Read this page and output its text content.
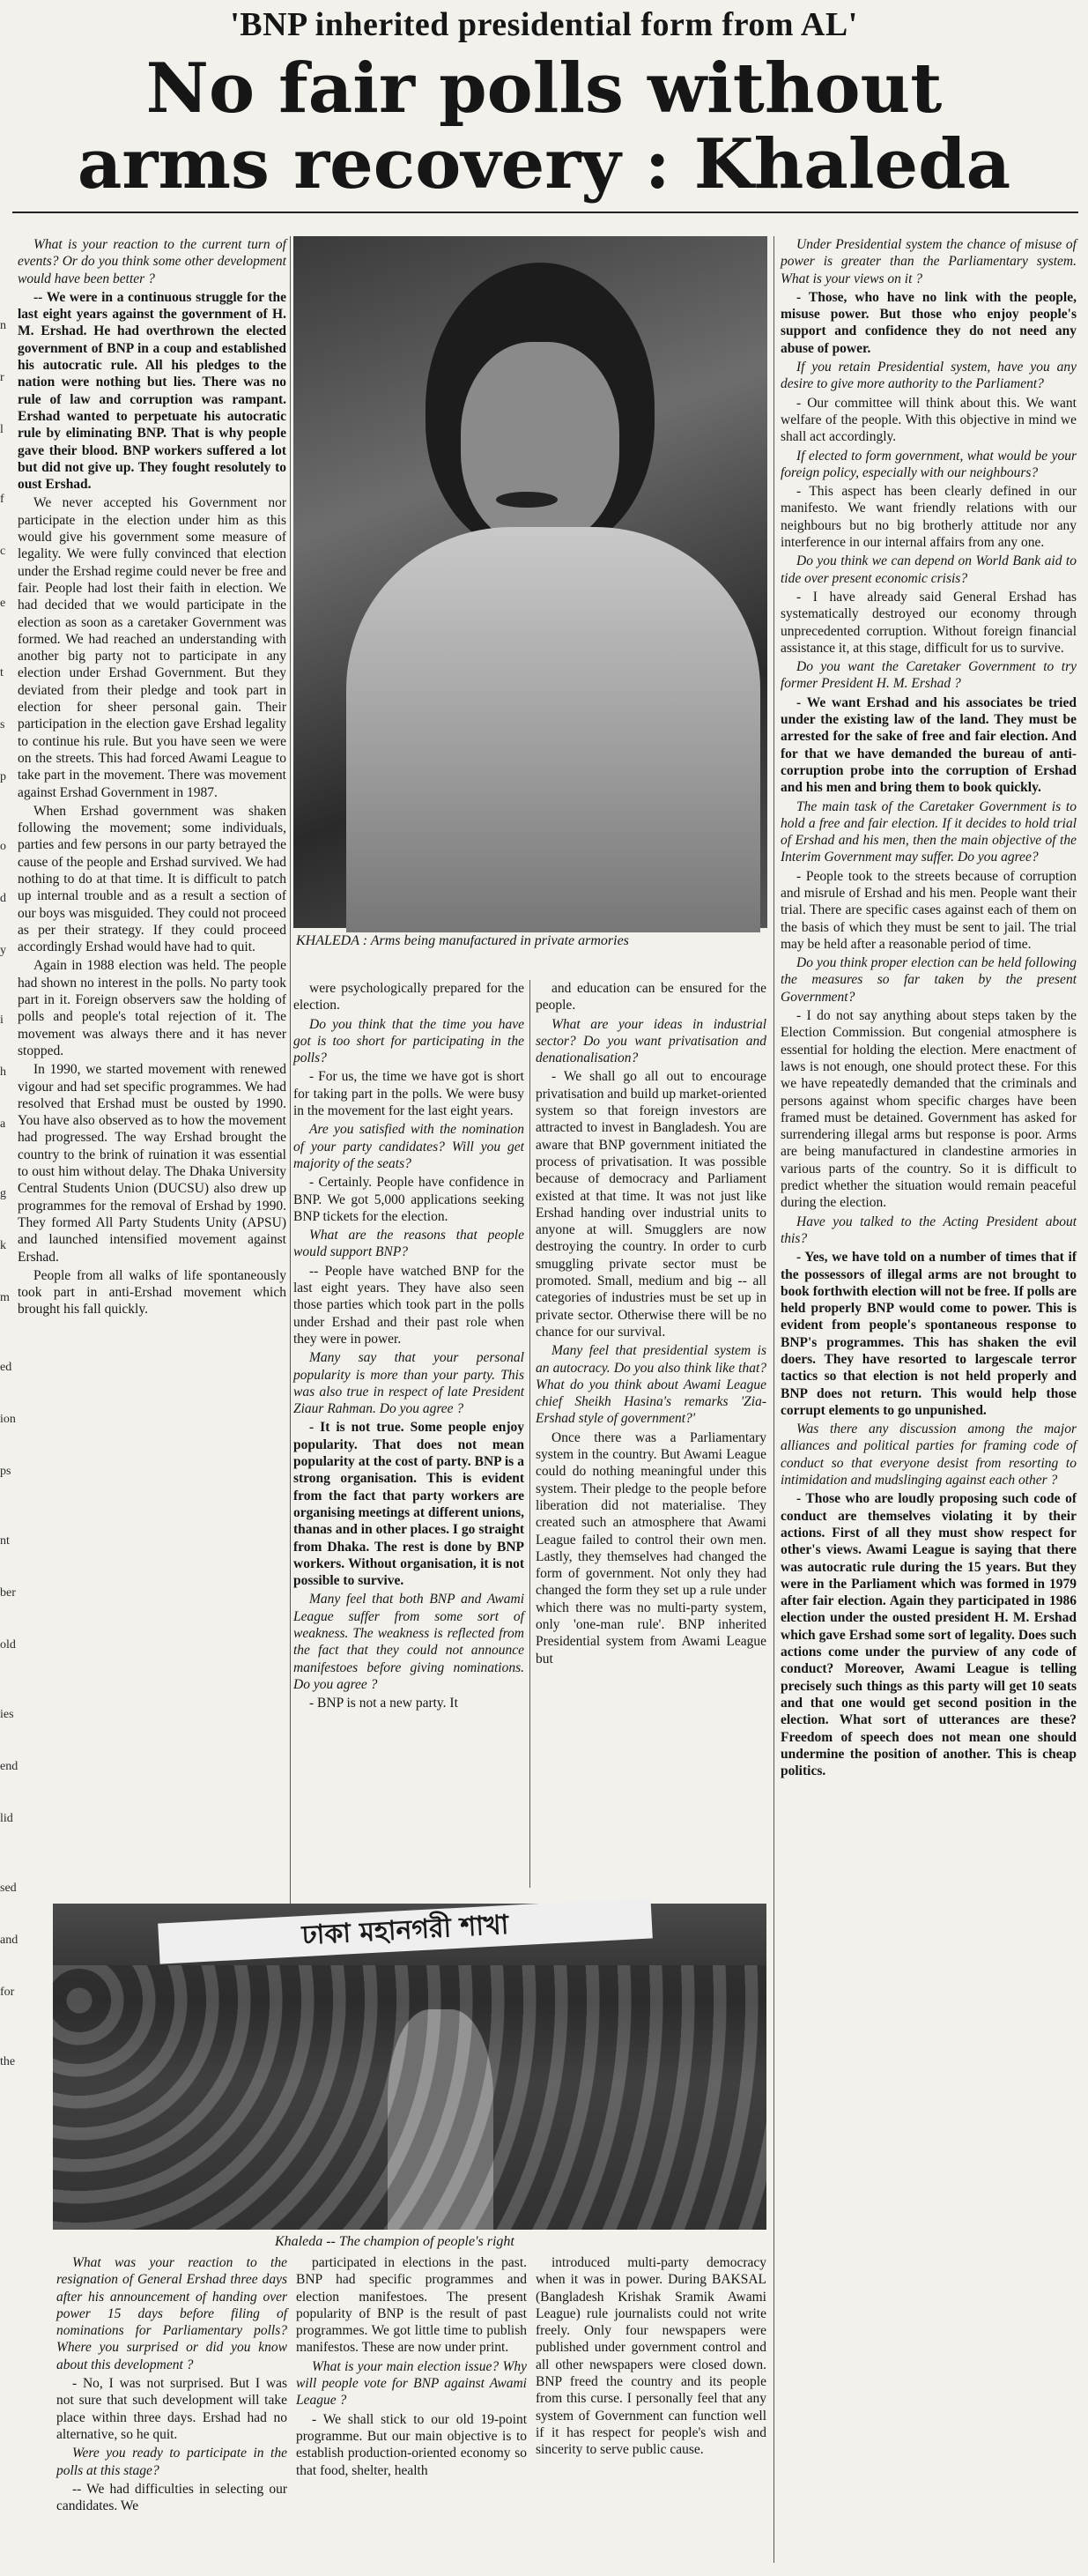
'BNP inherited presidential form from AL'
No fair polls without
arms recovery : Khaleda
n
r
l
f
c
e
t
s
p
o
d
y
i
h
a
g
k
m
ed
ion
ps
nt
ber
old
ies
end
lid
sed
and
for
the

What is your reaction to the current turn of events? Or do you think some other development would have been better ?

-- We were in a continuous struggle for the last eight years against the government of H. M. Ershad. He had overthrown the elected government of BNP in a coup and established his autocratic rule. All his pledges to the nation were nothing but lies. There was no rule of law and corruption was rampant. Ershad wanted to perpetuate his autocratic rule by eliminating BNP. That is why people gave their blood. BNP workers suffered a lot but did not give up. They fought resolutely to oust Ershad.

We never accepted his Government nor participate in the election under him as this would give his government some measure of legality. We were fully convinced that election under the Ershad regime could never be free and fair. People had lost their faith in election. We had decided that we would participate in the election as soon as a caretaker Government was formed. We had reached an understanding with another big party not to participate in any election under Ershad Government. But they deviated from their pledge and took part in election for sheer personal gain. Their participation in the election gave Ershad legality to continue his rule. But you have seen we were on the streets. This had forced Awami League to take part in the movement. There was movement against Ershad Government in 1987.

When Ershad government was shaken following the movement; some individuals, parties and few persons in our party betrayed the cause of the people and Ershad survived. We had nothing to do at that time. It is difficult to patch up internal trouble and as a result a section of our boys was misguided. They could not proceed as per their strategy. If they could proceed accordingly Ershad would have had to quit.

Again in 1988 election was held. The people had shown no interest in the polls. No party took part in it. Foreign observers saw the holding of polls and people's total rejection of it. The movement was always there and it has never stopped.

In 1990, we started movement with renewed vigour and had set specific programmes. We had resolved that Ershad must be ousted by 1990. You have also observed as to how the movement had progressed. The way Ershad brought the country to the brink of ruination it was essential to oust him without delay. The Dhaka University Central Students Union (DUCSU) also drew up programmes for the removal of Ershad by 1990. They formed All Party Students Unity (APSU) and launched intensified movement against Ershad.

People from all walks of life spontaneously took part in anti-Ershad movement which brought his fall quickly.

KHALEDA : Arms being manufactured in private armories

were psychologically prepared for the election.

Do you think that the time you have got is too short for participating in the polls?

- For us, the time we have got is short for taking part in the polls. We were busy in the movement for the last eight years.

Are you satisfied with the nomination of your party candidates? Will you get majority of the seats?

- Certainly. People have confidence in BNP. We got 5,000 applications seeking BNP tickets for the election.

What are the reasons that people would support BNP?

-- People have watched BNP for the last eight years. They have also seen those parties which took part in the polls under Ershad and their past role when they were in power.

Many say that your personal popularity is more than your party. This was also true in respect of late President Ziaur Rahman. Do you agree ?

- It is not true. Some people enjoy popularity. That does not mean popularity at the cost of party. BNP is a strong organisation. This is evident from the fact that party workers are organising meetings at different unions, thanas and in other places. I go straight from Dhaka. The rest is done by BNP workers. Without organisation, it is not possible to survive.

Many feel that both BNP and Awami League suffer from some sort of weakness. The weakness is reflected from the fact that they could not announce manifestoes before giving nominations. Do you agree ?

- BNP is not a new party. It

and education can be ensured for the people.

What are your ideas in industrial sector? Do you want privatisation and denationalisation?

- We shall go all out to encourage privatisation and build up market-oriented system so that foreign investors are attracted to invest in Bangladesh. You are aware that BNP government initiated the process of privatisation. It was possible because of democracy and Parliament existed at that time. It was not just like Ershad handing over industrial units to anyone at will. Smugglers are now destroying the country. In order to curb smuggling private sector must be promoted. Small, medium and big -- all categories of industries must be set up in private sector. Otherwise there will be no chance for our survival.

Many feel that presidential system is an autocracy. Do you also think like that? What do you think about Awami League chief Sheikh Hasina's remarks 'Zia-Ershad style of government?'

Once there was a Parliamentary system in the country. But Awami League could do nothing meaningful under this system. Their pledge to the people before liberation did not materialise. They created such an atmosphere that Awami League failed to control their own men. Lastly, they themselves had changed the form of government. Not only they had changed the form they set up a rule under which there was no multi-party system, only 'one-man rule'. BNP inherited Presidential system from Awami League but

Under Presidential system the chance of misuse of power is greater than the Parliamentary system. What is your views on it ?

- Those, who have no link with the people, misuse power. But those who enjoy people's support and confidence they do not need any abuse of power.

If you retain Presidential system, have you any desire to give more authority to the Parliament?

- Our committee will think about this. We want welfare of the people. With this objective in mind we shall act accordingly.

If elected to form government, what would be your foreign policy, especially with our neighbours?

- This aspect has been clearly defined in our manifesto. We want friendly relations with our neighbours but no big brotherly attitude nor any interference in our internal affairs from any one.

Do you think we can depend on World Bank aid to tide over present economic crisis?

- I have already said General Ershad has systematically destroyed our economy through unprecedented corruption. Without foreign financial assistance it, at this stage, difficult for us to survive.

Do you want the Caretaker Government to try former President H. M. Ershad ?

- We want Ershad and his associates be tried under the existing law of the land. They must be arrested for the sake of free and fair election. And for that we have demanded the bureau of anti-corruption probe into the corruption of Ershad and his men and bring them to book quickly.

The main task of the Caretaker Government is to hold a free and fair election. If it decides to hold trial of Ershad and his men, then the main objective of the Interim Government may suffer. Do you agree?

- People took to the streets because of corruption and misrule of Ershad and his men. People want their trial. There are specific cases against each of them on the basis of which they must be sent to jail. The trial may be held after a reasonable period of time.

Do you think proper election can be held following the measures so far taken by the present Government?

- I do not say anything about steps taken by the Election Commission. But congenial atmosphere is essential for holding the election. Mere enactment of laws is not enough, one should protect these. For this we have repeatedly demanded that the criminals and persons against whom specific charges have been framed must be detained. Government has asked for surrendering illegal arms but response is poor. Arms are being manufactured in clandestine armories in various parts of the country. So it is difficult to predict whether the situation would remain peaceful during the election.

Have you talked to the Acting President about this?

- Yes, we have told on a number of times that if the possessors of illegal arms are not brought to book forthwith election will not be free. If polls are held properly BNP would come to power. This is evident from people's spontaneous response to BNP's programmes. This has shaken the evil doers. They have resorted to largescale terror tactics so that election is not held properly and BNP does not return. This would help those corrupt elements to go unpunished.

Was there any discussion among the major alliances and political parties for framing code of conduct so that everyone desist from resorting to intimidation and mudslinging against each other ?

- Those who are loudly proposing such code of conduct are themselves violating it by their actions. First of all they must show respect for other's views. Awami League is saying that there was autocratic rule during the 15 years. But they were in the Parliament which was formed in 1979 after fair election. Again they participated in 1986 election under the ousted president H. M. Ershad which gave Ershad some sort of legality. Does such actions come under the purview of any code of conduct? Moreover, Awami League is telling precisely such things as this party will get 10 seats and that one would get second position in the election. What sort of utterances are these? Freedom of speech does not mean one should undermine the position of another. This is cheap politics.

ঢাকা মহানগরী শাখা
Khaleda -- The champion of people's right

What was your reaction to the resignation of General Ershad three days after his announcement of handing over power 15 days before filing of nominations for Parliamentary polls? Where you surprised or did you know about this development ?

- No, I was not surprised. But I was not sure that such development will take place within three days. Ershad had no alternative, so he quit.

Were you ready to participate in the polls at this stage?

-- We had difficulties in selecting our candidates. We

participated in elections in the past. BNP had specific programmes and election manifestoes. The present popularity of BNP is the result of past programmes. We got little time to publish manifestos. These are now under print.

What is your main election issue? Why will people vote for BNP against Awami League ?

- We shall stick to our old 19-point programme. But our main objective is to establish production-oriented economy so that food, shelter, health

introduced multi-party democracy when it was in power. During BAKSAL (Bangladesh Krishak Sramik Awami League) rule journalists could not write freely. Only four newspapers were published under government control and all other newspapers were closed down. BNP freed the country and its people from this curse. I personally feel that any system of Government can function well if it has respect for people's wish and sincerity to serve public cause.
